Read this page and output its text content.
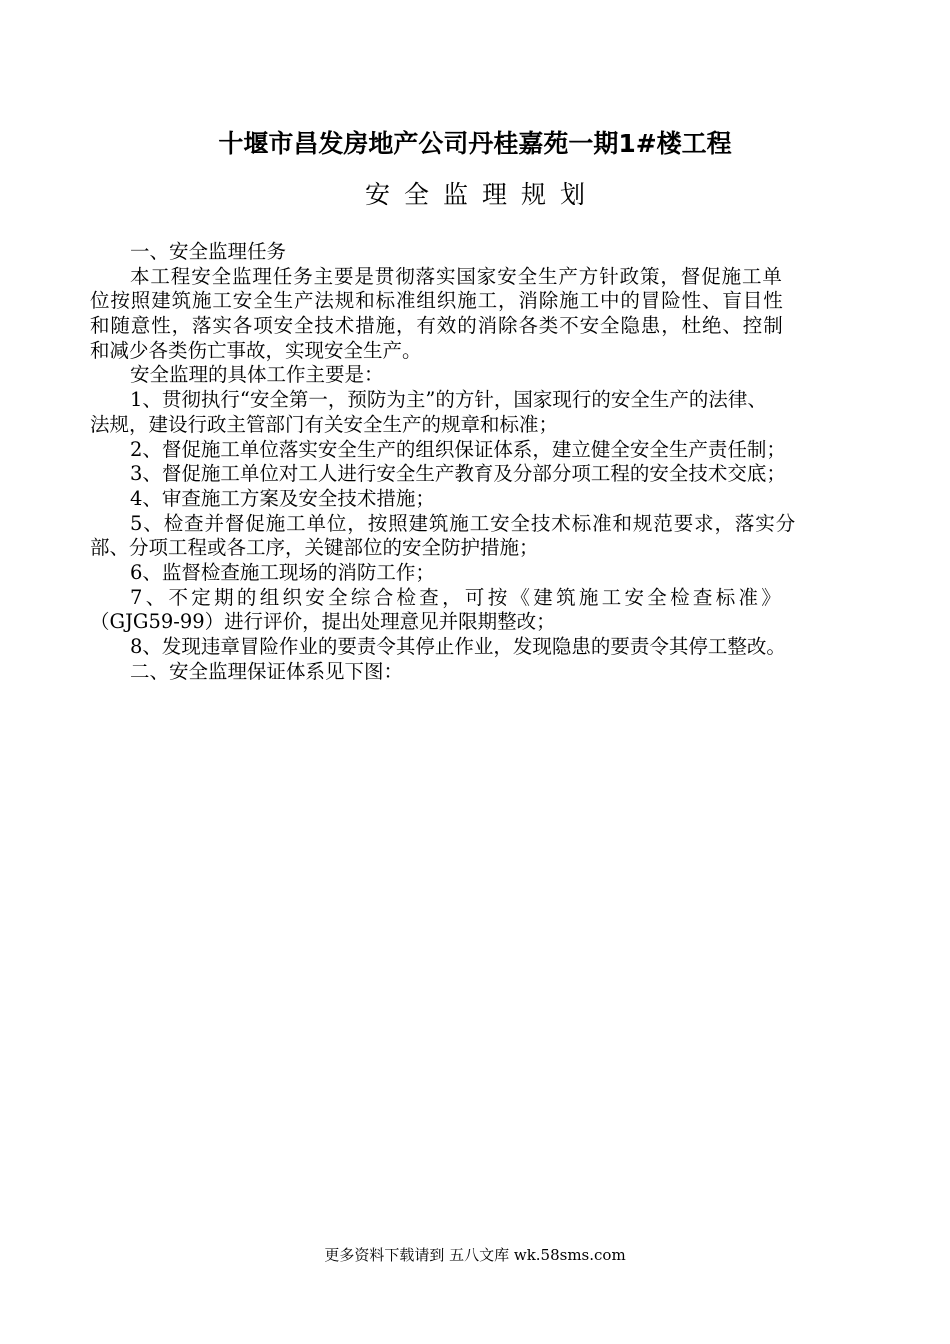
十堰市昌发房地产公司丹桂嘉苑一期1#楼工程
安全监理规划
一、安全监理任务
本工程安全监理任务主要是贯彻落实国家安全生产方针政策，督促施工单
位按照建筑施工安全生产法规和标准组织施工，消除施工中的冒险性、盲目性
和随意性，落实各项安全技术措施，有效的消除各类不安全隐患，杜绝、控制
和减少各类伤亡事故，实现安全生产。
安全监理的具体工作主要是：
1、贯彻执行“安全第一，预防为主”的方针，国家现行的安全生产的法律、
法规，建设行政主管部门有关安全生产的规章和标准；
2、督促施工单位落实安全生产的组织保证体系，建立健全安全生产责任制；
3、督促施工单位对工人进行安全生产教育及分部分项工程的安全技术交底；
4、审查施工方案及安全技术措施；
5、检查并督促施工单位，按照建筑施工安全技术标准和规范要求，落实分
部、分项工程或各工序，关键部位的安全防护措施；
6、监督检查施工现场的消防工作；
7、不定期的组织安全综合检查，可按《建筑施工安全检查标准》
（GJG59-99）进行评价，提出处理意见并限期整改；
8、发现违章冒险作业的要责令其停止作业，发现隐患的要责令其停工整改。
二、安全监理保证体系见下图：
更多资料下载请到 五八文库 wk.58sms.com
